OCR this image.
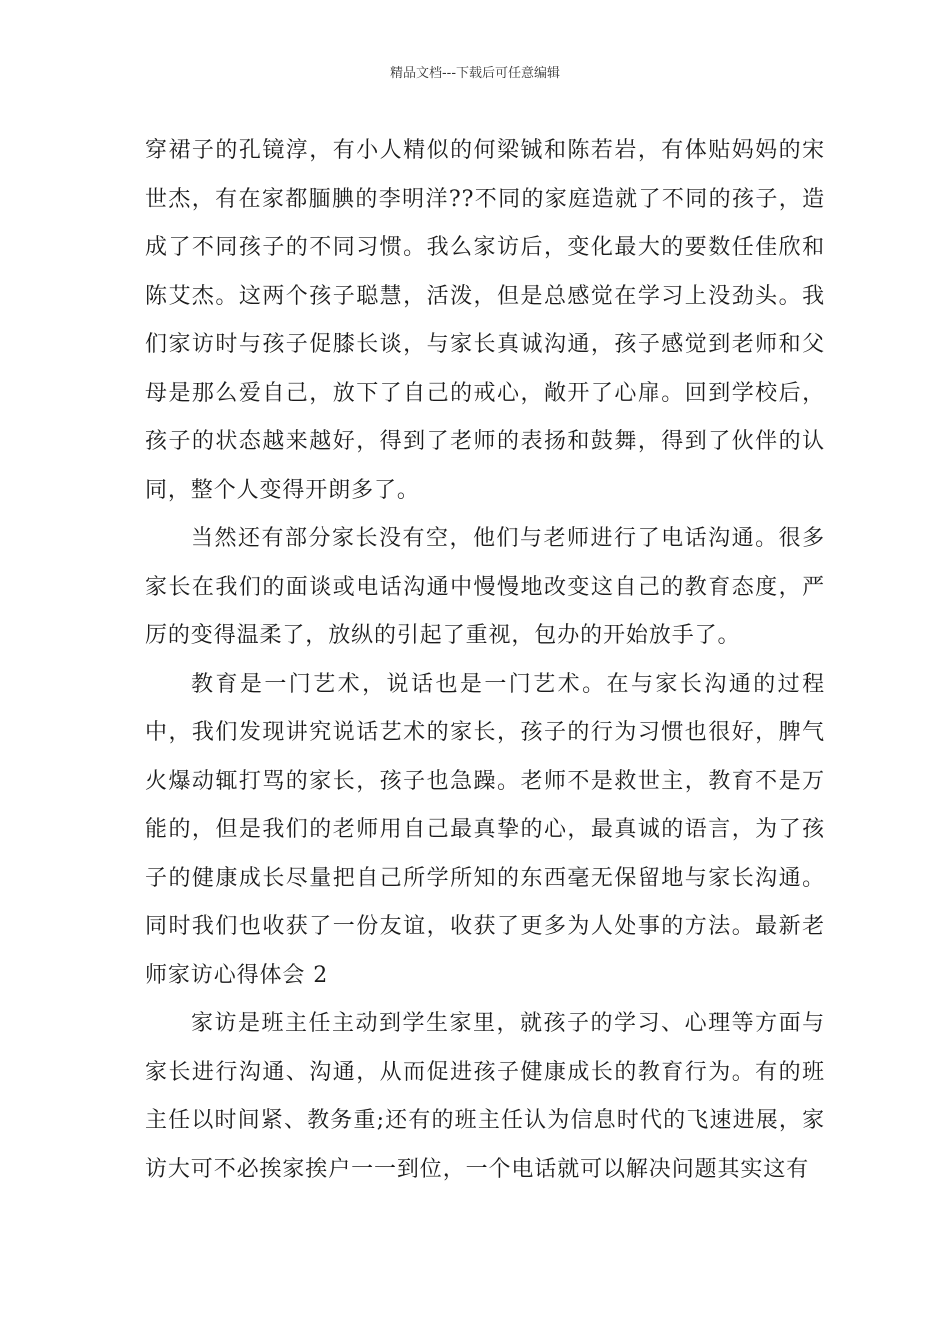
精品文档---下载后可任意编辑

穿裙子的孔镜淳，有小人精似的何梁铖和陈若岩，有体贴妈妈的宋世杰，有在家都腼腆的李明洋??不同的家庭造就了不同的孩子，造成了不同孩子的不同习惯。我么家访后，变化最大的要数任佳欣和陈艾杰。这两个孩子聪慧，活泼，但是总感觉在学习上没劲头。我们家访时与孩子促膝长谈，与家长真诚沟通，孩子感觉到老师和父母是那么爱自己，放下了自己的戒心，敞开了心扉。回到学校后，孩子的状态越来越好，得到了老师的表扬和鼓舞，得到了伙伴的认同，整个人变得开朗多了。

当然还有部分家长没有空，他们与老师进行了电话沟通。很多家长在我们的面谈或电话沟通中慢慢地改变这自己的教育态度，严厉的变得温柔了，放纵的引起了重视，包办的开始放手了。

教育是一门艺术，说话也是一门艺术。在与家长沟通的过程中，我们发现讲究说话艺术的家长，孩子的行为习惯也很好，脾气火爆动辄打骂的家长，孩子也急躁。老师不是救世主，教育不是万能的，但是我们的老师用自己最真挚的心，最真诚的语言，为了孩子的健康成长尽量把自己所学所知的东西毫无保留地与家长沟通。同时我们也收获了一份友谊，收获了更多为人处事的方法。最新老师家访心得体会 2

家访是班主任主动到学生家里，就孩子的学习、心理等方面与家长进行沟通、沟通，从而促进孩子健康成长的教育行为。有的班主任以时间紧、教务重;还有的班主任认为信息时代的飞速进展，家访大可不必挨家挨户一一到位，一个电话就可以解决问题其实这有
